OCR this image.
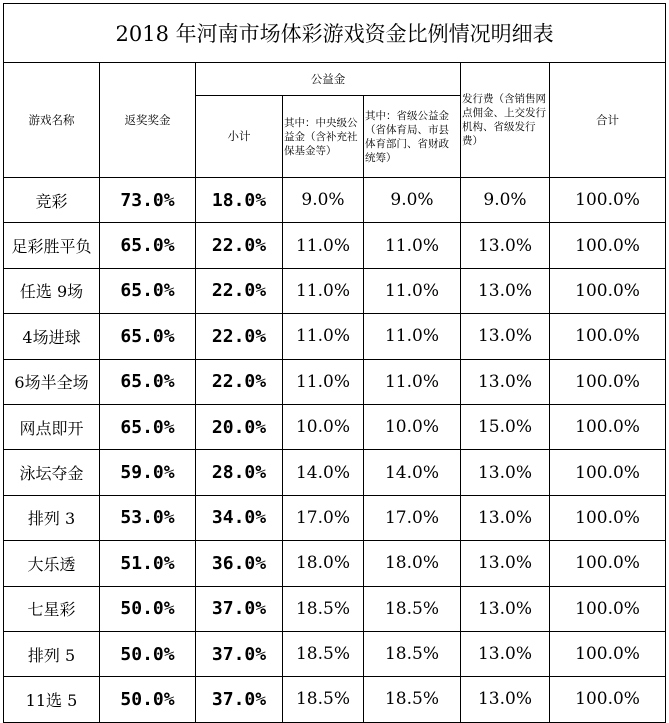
2018 年河南市场体彩游戏资金比例情况明细表						
游戏名称	返奖奖金	公益金			发行费（含销售网点佣金、上交发行机构、省级发行费）	合计
		小计	其中：中央级公益金（含补充社保基金等）	其中：省级公益金（省体育局、市县体育部门、省财政统筹）		
竞彩	73.0%	18.0%	9.0%	9.0%	9.0%	100.0%
足彩胜平负	65.0%	22.0%	11.0%	11.0%	13.0%	100.0%
任选 9场	65.0%	22.0%	11.0%	11.0%	13.0%	100.0%
4场进球	65.0%	22.0%	11.0%	11.0%	13.0%	100.0%
6场半全场	65.0%	22.0%	11.0%	11.0%	13.0%	100.0%
网点即开	65.0%	20.0%	10.0%	10.0%	15.0%	100.0%
泳坛夺金	59.0%	28.0%	14.0%	14.0%	13.0%	100.0%
排列 3	53.0%	34.0%	17.0%	17.0%	13.0%	100.0%
大乐透	51.0%	36.0%	18.0%	18.0%	13.0%	100.0%
七星彩	50.0%	37.0%	18.5%	18.5%	13.0%	100.0%
排列 5	50.0%	37.0%	18.5%	18.5%	13.0%	100.0%
11选 5	50.0%	37.0%	18.5%	18.5%	13.0%	100.0%
